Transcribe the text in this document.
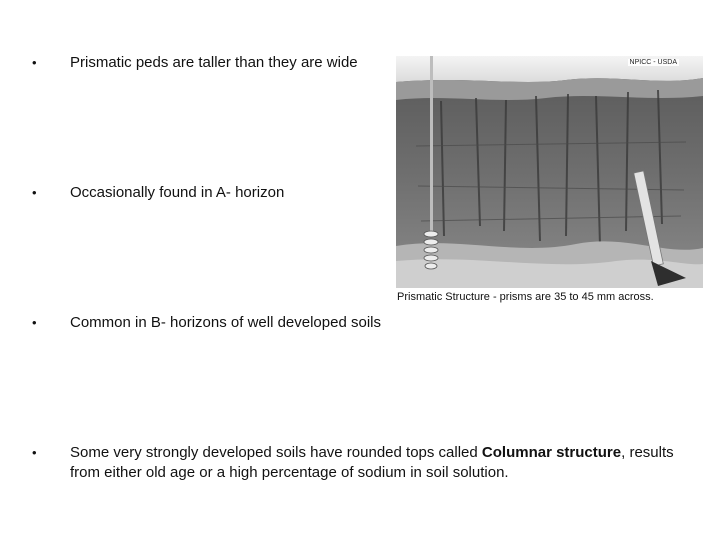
• Prismatic peds are taller than they are wide
• Occasionally found in A- horizon
• Common in B- horizons of well developed soils
• Some very strongly developed soils have rounded tops called Columnar structure, results from either old age or a high percentage of sodium in soil solution.
NPICC - USDA
Prismatic Structure - prisms are 35 to 45 mm across.
